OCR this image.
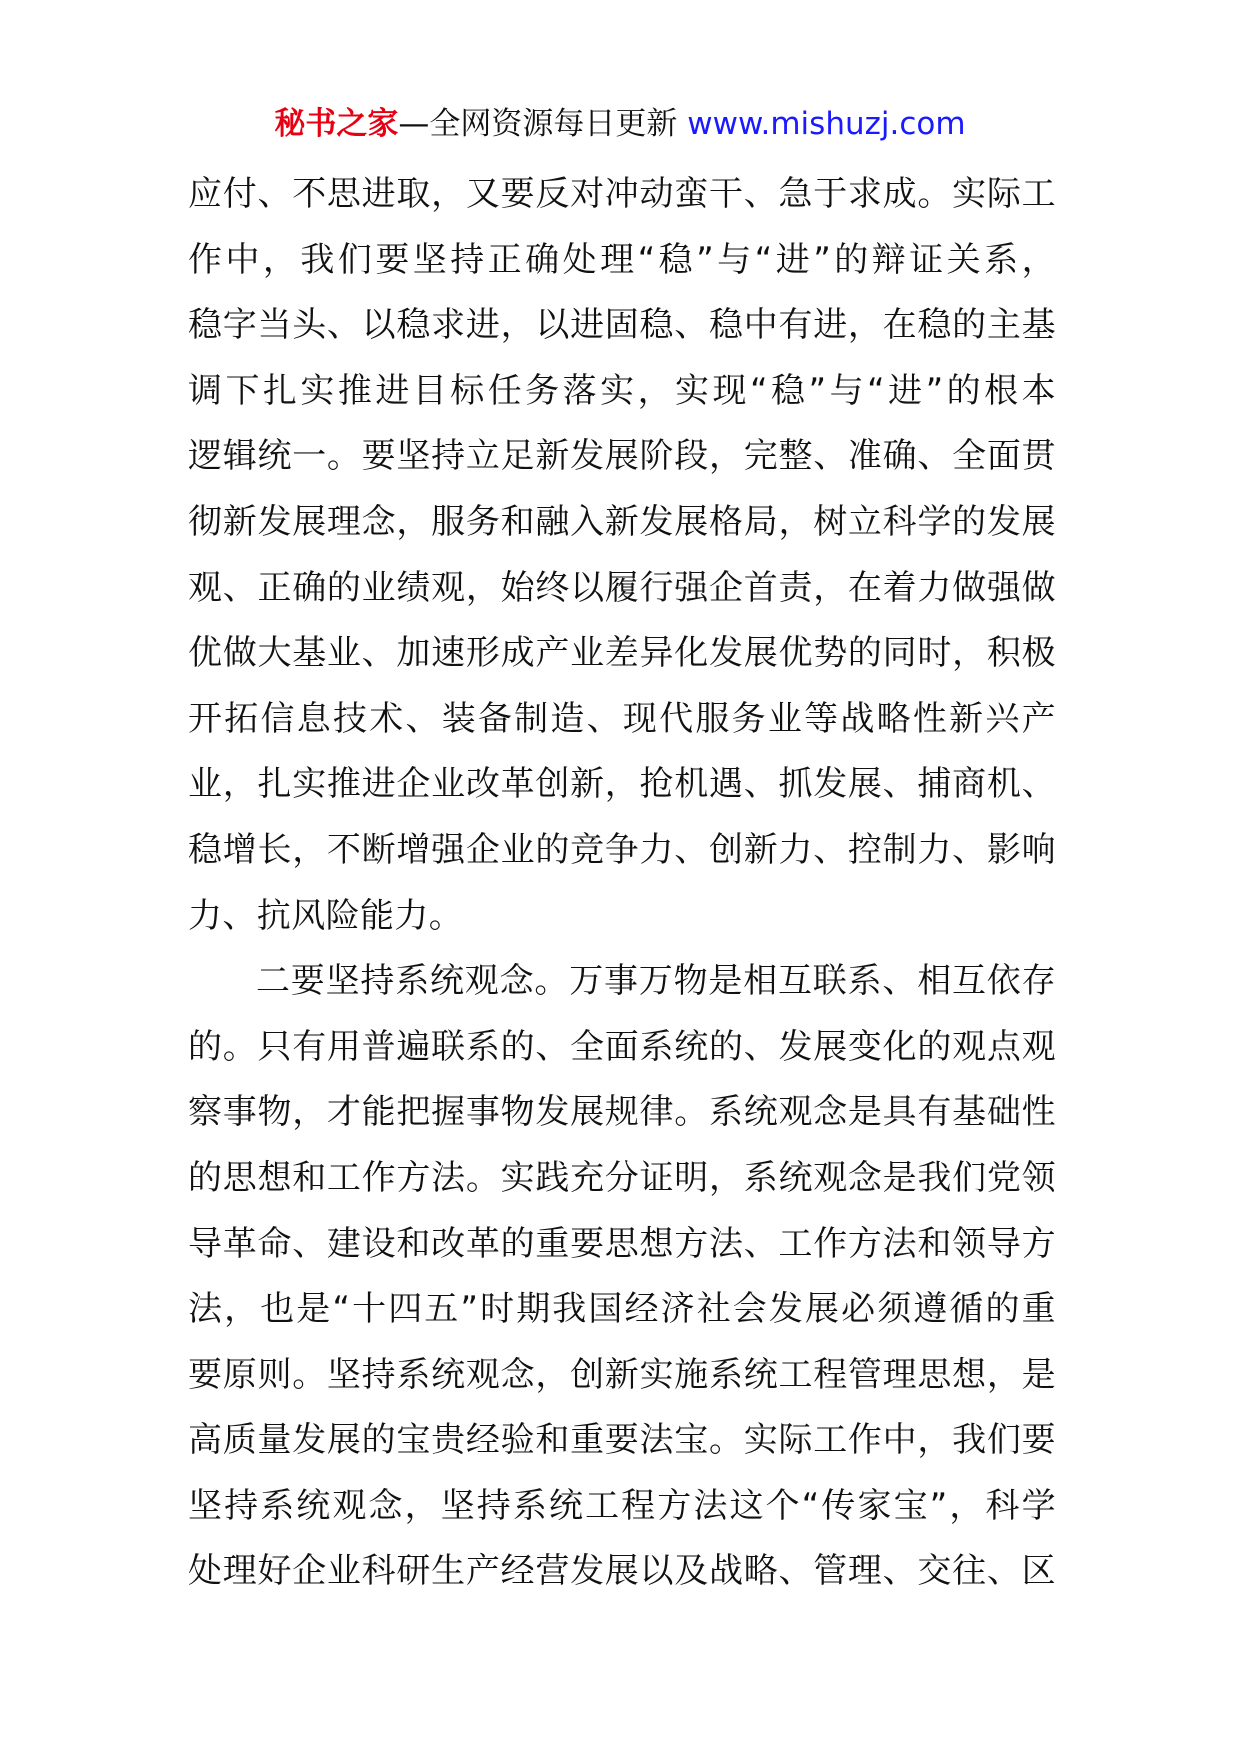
秘书之家—全网资源每日更新 www.mishuzj.com
应付、不思进取，又要反对冲动蛮干、急于求成。实际工
作中，我们要坚持正确处理“稳”与“进”的辩证关系，
稳字当头、以稳求进，以进固稳、稳中有进，在稳的主基
调下扎实推进目标任务落实，实现“稳”与“进”的根本
逻辑统一。要坚持立足新发展阶段，完整、准确、全面贯
彻新发展理念，服务和融入新发展格局，树立科学的发展
观、正确的业绩观，始终以履行强企首责，在着力做强做
优做大基业、加速形成产业差异化发展优势的同时，积极
开拓信息技术、装备制造、现代服务业等战略性新兴产
业，扎实推进企业改革创新，抢机遇、抓发展、捕商机、
稳增长，不断增强企业的竞争力、创新力、控制力、影响
力、抗风险能力。
二要坚持系统观念。万事万物是相互联系、相互依存
的。只有用普遍联系的、全面系统的、发展变化的观点观
察事物，才能把握事物发展规律。系统观念是具有基础性
的思想和工作方法。实践充分证明，系统观念是我们党领
导革命、建设和改革的重要思想方法、工作方法和领导方
法，也是“十四五”时期我国经济社会发展必须遵循的重
要原则。坚持系统观念，创新实施系统工程管理思想，是
高质量发展的宝贵经验和重要法宝。实际工作中，我们要
坚持系统观念，坚持系统工程方法这个“传家宝”，科学
处理好企业科研生产经营发展以及战略、管理、交往、区
